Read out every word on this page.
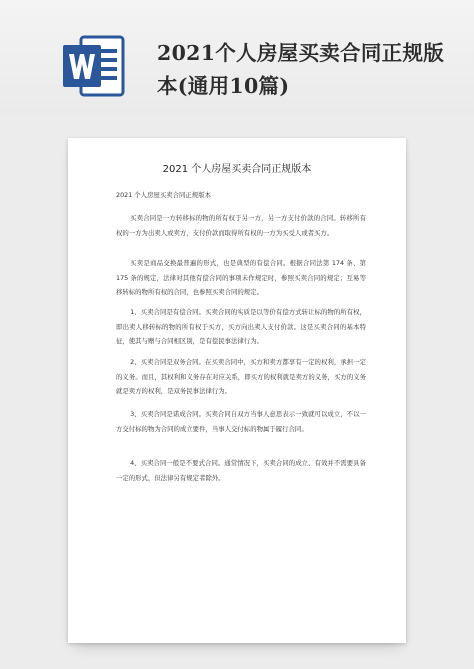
2021个人房屋买卖合同正规版本(通用10篇)
2021 个人房屋买卖合同正规版本
2021 个人房屋买卖合同正规版本
买卖合同是一方转移标的物的所有权于另一方，另一方支付价款的合同。转移所有权的一方为出卖人或卖方，支付价款而取得所有权的一方为买受人或者买方。
买卖是商品交换最普遍的形式，也是典型的有偿合同。根据合同法第 174 条、第 175 条的规定，法律对其他有偿合同的事项未作规定时，参照买卖合同的规定；互易等移转标的物所有权的合同，也参照买卖合同的规定。
1、买卖合同是有偿合同。买卖合同的实质是以等价有偿方式转让标的物的所有权，即出卖人移转标的物的所有权于买方，买方向出卖人支付价款。这是买卖合同的基本特征，使其与赠与合同相区别，是有偿民事法律行为。
2、买卖合同是双务合同。在买卖合同中，买方和卖方都享有一定的权利，承担一定的义务。而且，其权利和义务存在对应关系，即买方的权利就是卖方的义务，买方的义务就是卖方的权利，是双务民事法律行为。
3、买卖合同是诺成合同。买卖合同自双方当事人意思表示一致就可以成立，不以一方交付标的物为合同的成立要件，当事人交付标的物属于履行合同。
4、买卖合同一般是不要式合同。通常情况下，买卖合同的成立、有效并不需要具备一定的形式，但法律另有规定者除外。
